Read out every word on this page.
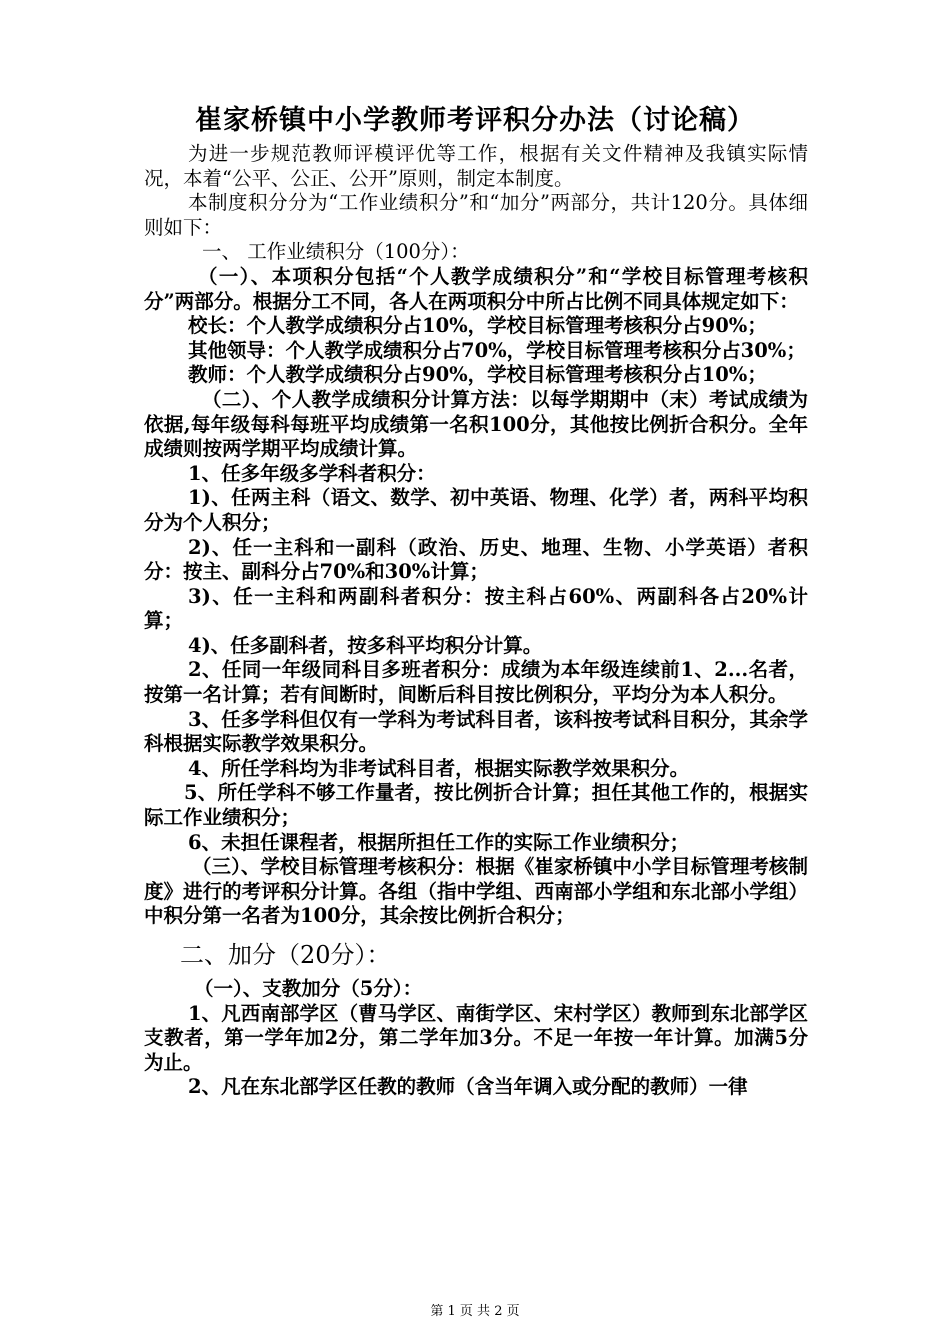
崔家桥镇中小学教师考评积分办法（讨论稿）

为进一步规范教师评模评优等工作，根据有关文件精神及我镇实际情况，本着“公平、公正、公开”原则，制定本制度。

本制度积分分为“工作业绩积分”和“加分”两部分，共计120分。具体细则如下：

一、 工作业绩积分（100分）：

（一）、本项积分包括“个人教学成绩积分”和“学校目标管理考核积分”两部分。根据分工不同，各人在两项积分中所占比例不同具体规定如下：

校长：个人教学成绩积分占10%，学校目标管理考核积分占90%；

其他领导：个人教学成绩积分占70%，学校目标管理考核积分占30%；

教师：个人教学成绩积分占90%，学校目标管理考核积分占10%；

（二）、个人教学成绩积分计算方法：以每学期期中（末）考试成绩为依据,每年级每科每班平均成绩第一名积100分，其他按比例折合积分。全年成绩则按两学期平均成绩计算。

1、任多年级多学科者积分：

1)、任两主科（语文、数学、初中英语、物理、化学）者，两科平均积分为个人积分；

2)、任一主科和一副科（政治、历史、地理、生物、小学英语）者积分：按主、副科分占70%和30%计算；

3)、任一主科和两副科者积分：按主科占60%、两副科各占20%计算；

4)、任多副科者，按多科平均积分计算。

2、任同一年级同科目多班者积分：成绩为本年级连续前1、2...名者，按第一名计算；若有间断时，间断后科目按比例积分，平均分为本人积分。

3、任多学科但仅有一学科为考试科目者，该科按考试科目积分，其余学科根据实际教学效果积分。

4、所任学科均为非考试科目者，根据实际教学效果积分。

5、所任学科不够工作量者，按比例折合计算；担任其他工作的，根据实际工作业绩积分；

6、未担任课程者，根据所担任工作的实际工作业绩积分；

（三）、学校目标管理考核积分：根据《崔家桥镇中小学目标管理考核制度》进行的考评积分计算。各组（指中学组、西南部小学组和东北部小学组）中积分第一名者为100分，其余按比例折合积分；

二、加分（20分）：

（一）、支教加分（5分）：

1、凡西南部学区（曹马学区、南街学区、宋村学区）教师到东北部学区支教者，第一学年加2分，第二学年加3分。不足一年按一年计算。加满5分为止。

2、凡在东北部学区任教的教师（含当年调入或分配的教师）一律

第 1 页 共 2 页
